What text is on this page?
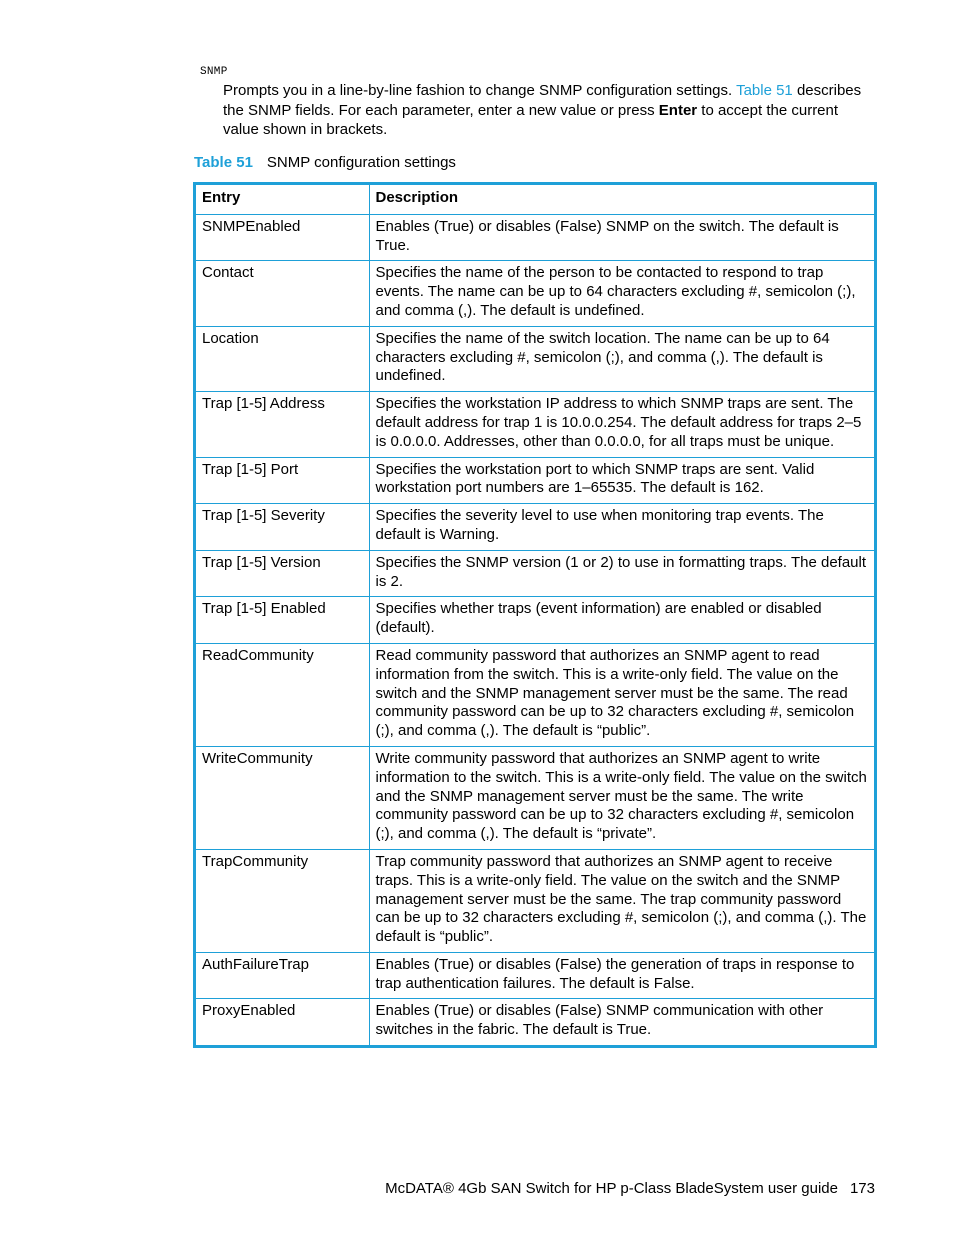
SNMP
Prompts you in a line-by-line fashion to change SNMP configuration settings. Table 51 describes the SNMP fields. For each parameter, enter a new value or press Enter to accept the current value shown in brackets.
Table 51 SNMP configuration settings
Entry	Description
SNMPEnabled	Enables (True) or disables (False) SNMP on the switch. The default is True.
Contact	Specifies the name of the person to be contacted to respond to trap events. The name can be up to 64 characters excluding #, semicolon (;), and comma (,). The default is undefined.
Location	Specifies the name of the switch location. The name can be up to 64 characters excluding #, semicolon (;), and comma (,). The default is undefined.
Trap [1-5] Address	Specifies the workstation IP address to which SNMP traps are sent. The default address for trap 1 is 10.0.0.254. The default address for traps 2–5 is 0.0.0.0. Addresses, other than 0.0.0.0, for all traps must be unique.
Trap [1-5] Port	Specifies the workstation port to which SNMP traps are sent. Valid workstation port numbers are 1–65535. The default is 162.
Trap [1-5] Severity	Specifies the severity level to use when monitoring trap events. The default is Warning.
Trap [1-5] Version	Specifies the SNMP version (1 or 2) to use in formatting traps. The default is 2.
Trap [1-5] Enabled	Specifies whether traps (event information) are enabled or disabled (default).
ReadCommunity	Read community password that authorizes an SNMP agent to read information from the switch. This is a write-only field. The value on the switch and the SNMP management server must be the same. The read community password can be up to 32 characters excluding #, semicolon (;), and comma (,). The default is “public”.
WriteCommunity	Write community password that authorizes an SNMP agent to write information to the switch. This is a write-only field. The value on the switch and the SNMP management server must be the same. The write community password can be up to 32 characters excluding #, semicolon (;), and comma (,). The default is “private”.
TrapCommunity	Trap community password that authorizes an SNMP agent to receive traps. This is a write-only field. The value on the switch and the SNMP management server must be the same. The trap community password can be up to 32 characters excluding #, semicolon (;), and comma (,). The default is “public”.
AuthFailureTrap	Enables (True) or disables (False) the generation of traps in response to trap authentication failures. The default is False.
ProxyEnabled	Enables (True) or disables (False) SNMP communication with other switches in the fabric. The default is True.
McDATA® 4Gb SAN Switch for HP p-Class BladeSystem user guide 173
